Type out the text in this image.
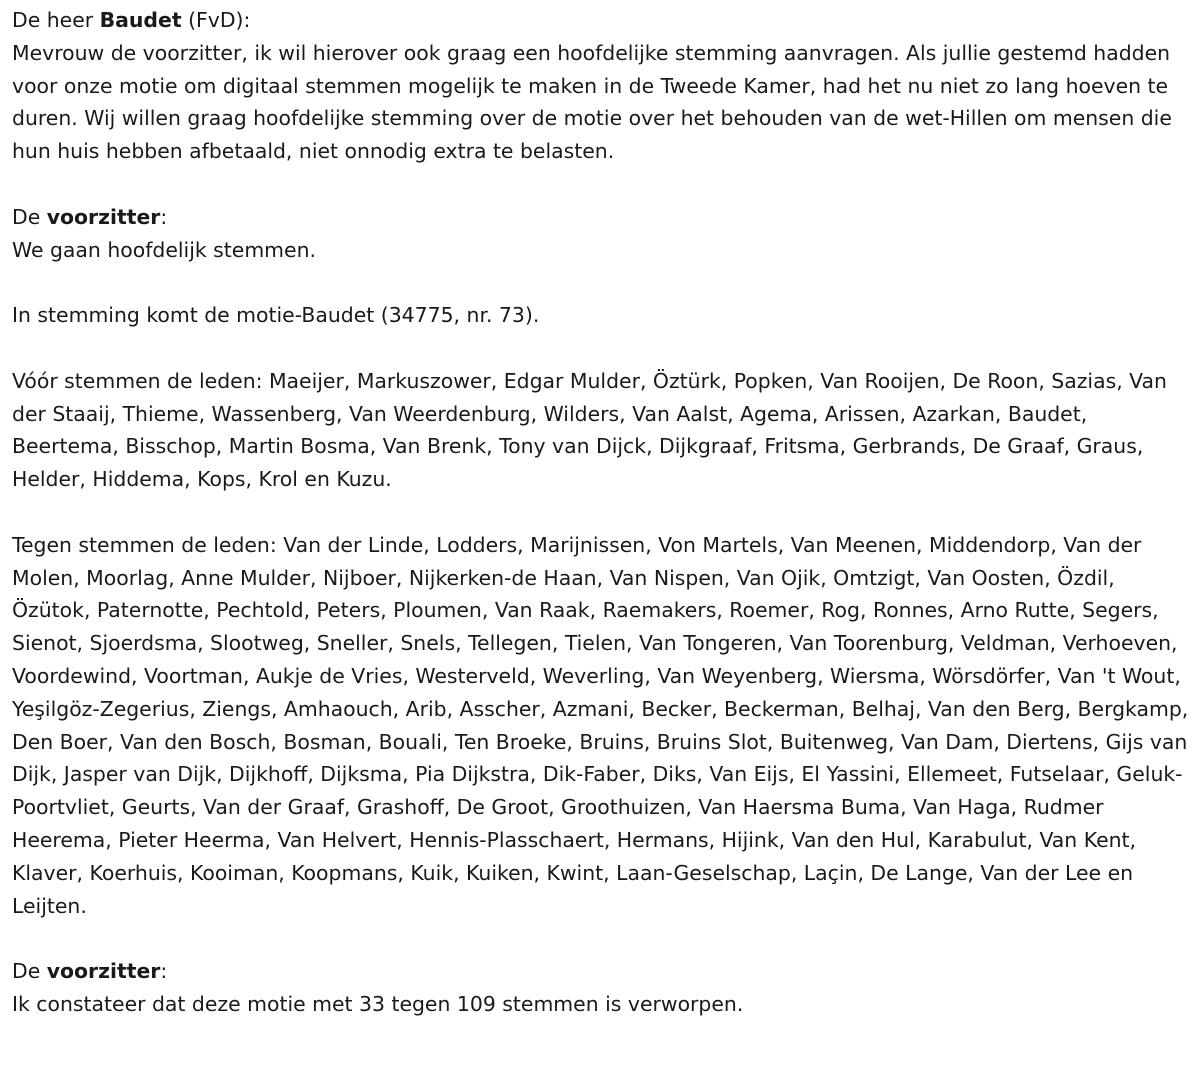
De heer Baudet (FvD):
Mevrouw de voorzitter, ik wil hierover ook graag een hoofdelijke stemming aanvragen. Als jullie gestemd hadden voor onze motie om digitaal stemmen mogelijk te maken in de Tweede Kamer, had het nu niet zo lang hoeven te duren. Wij willen graag hoofdelijke stemming over de motie over het behouden van de wet-Hillen om mensen die hun huis hebben afbetaald, niet onnodig extra te belasten.
De voorzitter:
We gaan hoofdelijk stemmen.
In stemming komt de motie-Baudet (34775, nr. 73).
Vóór stemmen de leden: Maeijer, Markuszower, Edgar Mulder, Öztürk, Popken, Van Rooijen, De Roon, Sazias, Van der Staaij, Thieme, Wassenberg, Van Weerdenburg, Wilders, Van Aalst, Agema, Arissen, Azarkan, Baudet, Beertema, Bisschop, Martin Bosma, Van Brenk, Tony van Dijck, Dijkgraaf, Fritsma, Gerbrands, De Graaf, Graus, Helder, Hiddema, Kops, Krol en Kuzu.
Tegen stemmen de leden: Van der Linde, Lodders, Marijnissen, Von Martels, Van Meenen, Middendorp, Van der Molen, Moorlag, Anne Mulder, Nijboer, Nijkerken-de Haan, Van Nispen, Van Ojik, Omtzigt, Van Oosten, Özdil, Özütok, Paternotte, Pechtold, Peters, Ploumen, Van Raak, Raemakers, Roemer, Rog, Ronnes, Arno Rutte, Segers, Sienot, Sjoerdsma, Slootweg, Sneller, Snels, Tellegen, Tielen, Van Tongeren, Van Toorenburg, Veldman, Verhoeven, Voordewind, Voortman, Aukje de Vries, Westerveld, Weverling, Van Weyenberg, Wiersma, Wörsdörfer, Van 't Wout, Yeşilgöz-Zegerius, Ziengs, Amhaouch, Arib, Asscher, Azmani, Becker, Beckerman, Belhaj, Van den Berg, Bergkamp, Den Boer, Van den Bosch, Bosman, Bouali, Ten Broeke, Bruins, Bruins Slot, Buitenweg, Van Dam, Diertens, Gijs van Dijk, Jasper van Dijk, Dijkhoff, Dijksma, Pia Dijkstra, Dik-Faber, Diks, Van Eijs, El Yassini, Ellemeet, Futselaar, Geluk-Poortvliet, Geurts, Van der Graaf, Grashoff, De Groot, Groothuizen, Van Haersma Buma, Van Haga, Rudmer Heerema, Pieter Heerma, Van Helvert, Hennis-Plasschaert, Hermans, Hijink, Van den Hul, Karabulut, Van Kent, Klaver, Koerhuis, Kooiman, Koopmans, Kuik, Kuiken, Kwint, Laan-Geselschap, Laçin, De Lange, Van der Lee en Leijten.
De voorzitter:
Ik constateer dat deze motie met 33 tegen 109 stemmen is verworpen.
